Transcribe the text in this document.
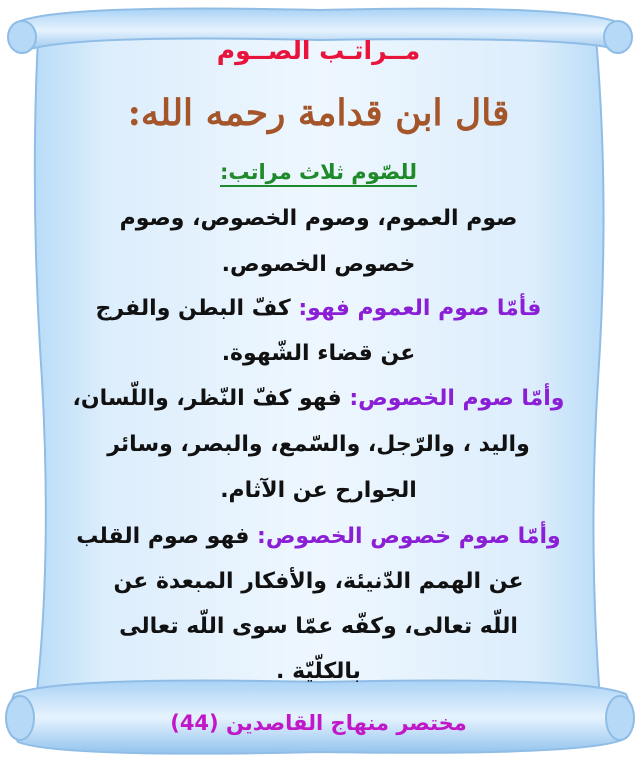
مــراتـب الصــوم
قال ابن قدامة رحمه الله:
للصّوم ثلاث مراتب:
صوم العموم، وصوم الخصوص، وصوم
خصوص الخصوص.
فأمّا صوم العموم فهو: كفّ البطن والفرج
عن قضاء الشّهوة.
وأمّا صوم الخصوص: فهو كفّ النّظر، واللّسان،
واليد ، والرّجل، والسّمع، والبصر، وسائر
الجوارح عن الآثام.
وأمّا صوم خصوص الخصوص: فهو صوم القلب
عن الهمم الدّنيئة، والأفكار المبعدة عن
اللّه تعالى، وكفّه عمّا سوى اللّه تعالى
بالكلّيّة .
مختصر منهاج القاصدين (44)
